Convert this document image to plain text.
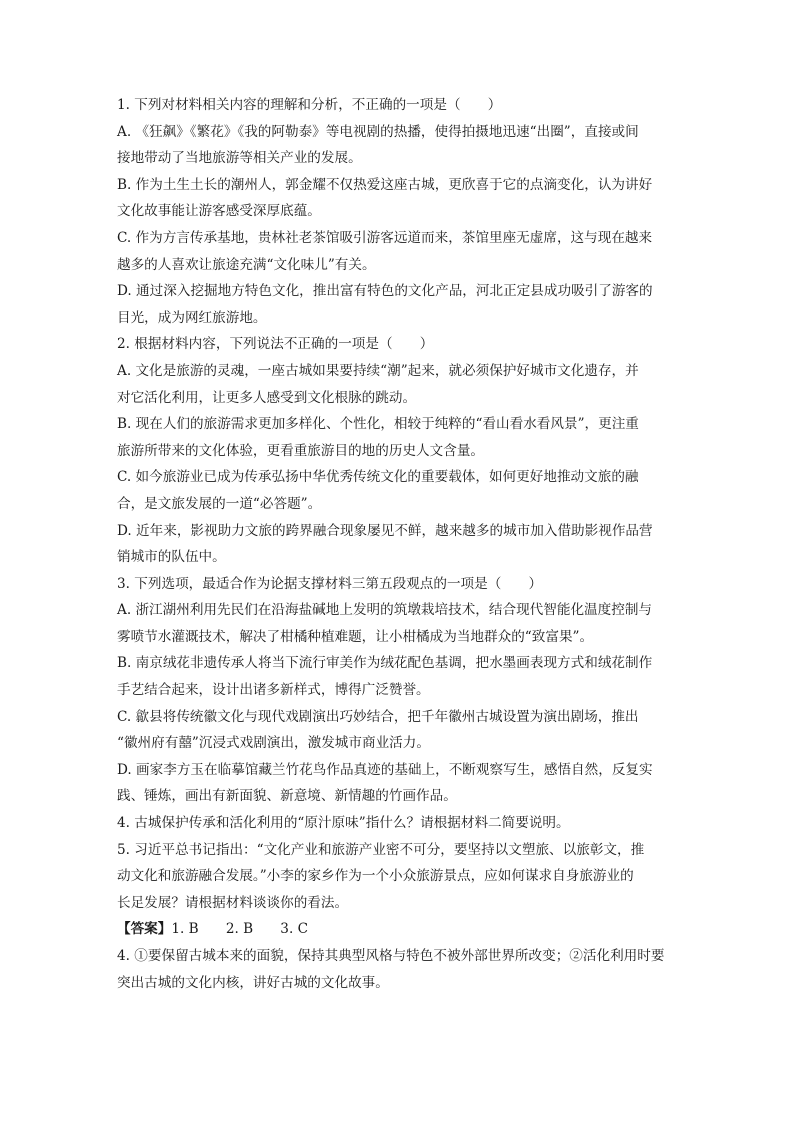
1. 下列对材料相关内容的理解和分析，不正确的一项是（　　）
A. 《狂飙》《繁花》《我的阿勒泰》等电视剧的热播，使得拍摄地迅速“出圈”，直接或间
接地带动了当地旅游等相关产业的发展。
B. 作为土生土长的潮州人，郭金耀不仅热爱这座古城，更欣喜于它的点滴变化，认为讲好
文化故事能让游客感受深厚底蕴。
C. 作为方言传承基地，贵林社老茶馆吸引游客远道而来，茶馆里座无虚席，这与现在越来
越多的人喜欢让旅途充满“文化味儿”有关。
D. 通过深入挖掘地方特色文化，推出富有特色的文化产品，河北正定县成功吸引了游客的
目光，成为网红旅游地。
2. 根据材料内容，下列说法不正确的一项是（　　）
A. 文化是旅游的灵魂，一座古城如果要持续“潮”起来，就必须保护好城市文化遗存，并
对它活化利用，让更多人感受到文化根脉的跳动。
B. 现在人们的旅游需求更加多样化、个性化，相较于纯粹的“看山看水看风景”，更注重
旅游所带来的文化体验，更看重旅游目的地的历史人文含量。
C. 如今旅游业已成为传承弘扬中华优秀传统文化的重要载体，如何更好地推动文旅的融
合，是文旅发展的一道“必答题”。
D. 近年来，影视助力文旅的跨界融合现象屡见不鲜，越来越多的城市加入借助影视作品营
销城市的队伍中。
3. 下列选项，最适合作为论据支撑材料三第五段观点的一项是（　　）
A. 浙江湖州利用先民们在沿海盐碱地上发明的筑墩栽培技术，结合现代智能化温度控制与
雾喷节水灌溉技术，解决了柑橘种植难题，让小柑橘成为当地群众的“致富果”。
B. 南京绒花非遗传承人将当下流行审美作为绒花配色基调，把水墨画表现方式和绒花制作
手艺结合起来，设计出诸多新样式，博得广泛赞誉。
C. 歙县将传统徽文化与现代戏剧演出巧妙结合，把千年徽州古城设置为演出剧场，推出
“徽州府有囍”沉浸式戏剧演出，激发城市商业活力。
D. 画家李方玉在临摹馆藏兰竹花鸟作品真迹的基础上，不断观察写生，感悟自然，反复实
践、锤炼，画出有新面貌、新意境、新情趣的竹画作品。
4. 古城保护传承和活化利用的“原汁原味”指什么？请根据材料二简要说明。
5. 习近平总书记指出：“文化产业和旅游产业密不可分，要坚持以文塑旅、以旅彰文，推
动文化和旅游融合发展。”小李的家乡作为一个小众旅游景点，应如何谋求自身旅游业的
长足发展？请根据材料谈谈你的看法。
【答案】1. B　　2. B　　3. C
4. ①要保留古城本来的面貌，保持其典型风格与特色不被外部世界所改变；②活化利用时要
突出古城的文化内核，讲好古城的文化故事。
